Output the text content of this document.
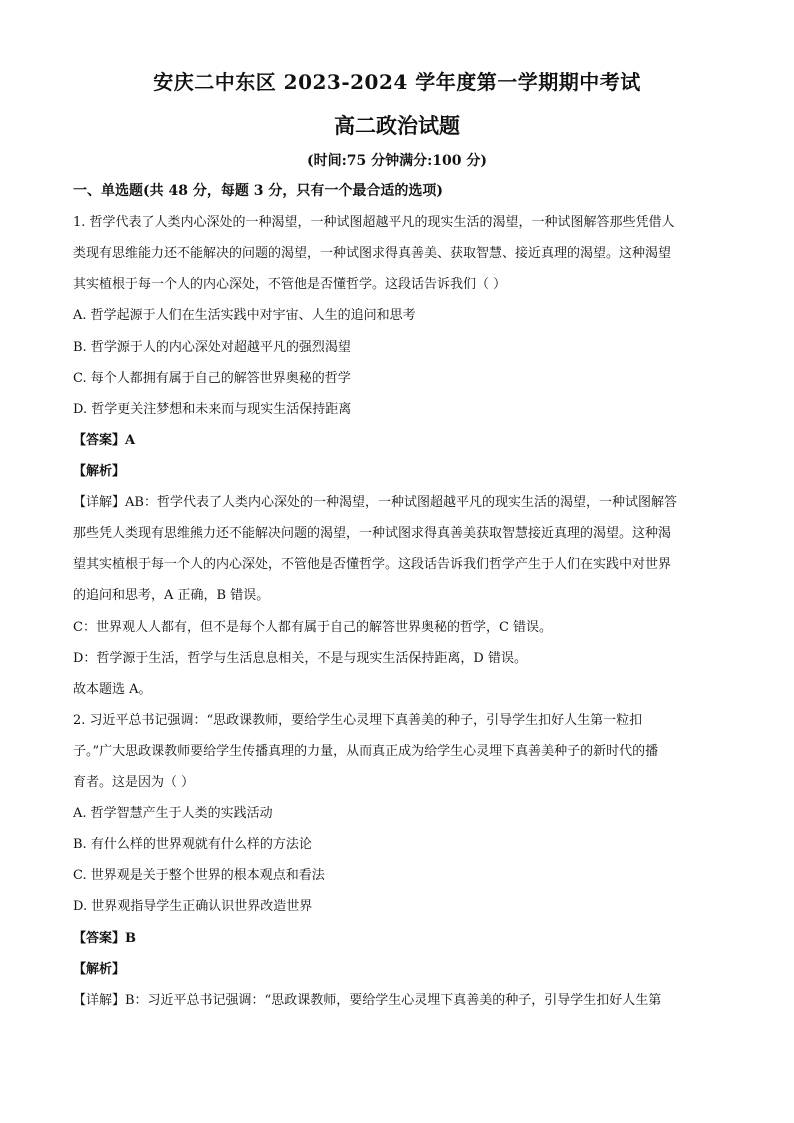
安庆二中东区 2023-2024 学年度第一学期期中考试
高二政治试题
(时间:75 分钟满分:100 分)
一、单选题(共 48 分，每题 3 分，只有一个最合适的选项)
1. 哲学代表了人类内心深处的一种渴望，一种试图超越平凡的现实生活的渴望，一种试图解答那些凭借人
类现有思维能力还不能解决的问题的渴望，一种试图求得真善美、获取智慧、接近真理的渴望。这种渴望
其实植根于每一个人的内心深处，不管他是否懂哲学。这段话告诉我们（ ）
A. 哲学起源于人们在生活实践中对宇宙、人生的追问和思考
B. 哲学源于人的内心深处对超越平凡的强烈渴望
C. 每个人都拥有属于自己的解答世界奥秘的哲学
D. 哲学更关注梦想和未来而与现实生活保持距离
【答案】A
【解析】
【详解】AB：哲学代表了人类内心深处的一种渴望，一种试图超越平凡的现实生活的渴望，一种试图解答
那些凭人类现有思维熊力还不能解决问题的渴望，一种试图求得真善美获取智慧接近真理的渴望。这种渴
望其实植根于每一个人的内心深处，不管他是否懂哲学。这段话告诉我们哲学产生于人们在实践中对世界
的追问和思考，A 正确，B 错误。
C：世界观人人都有，但不是每个人都有属于自己的解答世界奥秘的哲学，C 错误。
D：哲学源于生活，哲学与生活息息相关，不是与现实生活保持距离，D 错误。
故本题选 A。
2. 习近平总书记强调：“思政课教师，要给学生心灵埋下真善美的种子，引导学生扣好人生第一粒扣
子。”广大思政课教师要给学生传播真理的力量，从而真正成为给学生心灵埋下真善美种子的新时代的播
育者。这是因为（ ）
A. 哲学智慧产生于人类的实践活动
B. 有什么样的世界观就有什么样的方法论
C. 世界观是关于整个世界的根本观点和看法
D. 世界观指导学生正确认识世界改造世界
【答案】B
【解析】
【详解】B：习近平总书记强调：“思政课教师，要给学生心灵埋下真善美的种子，引导学生扣好人生第
